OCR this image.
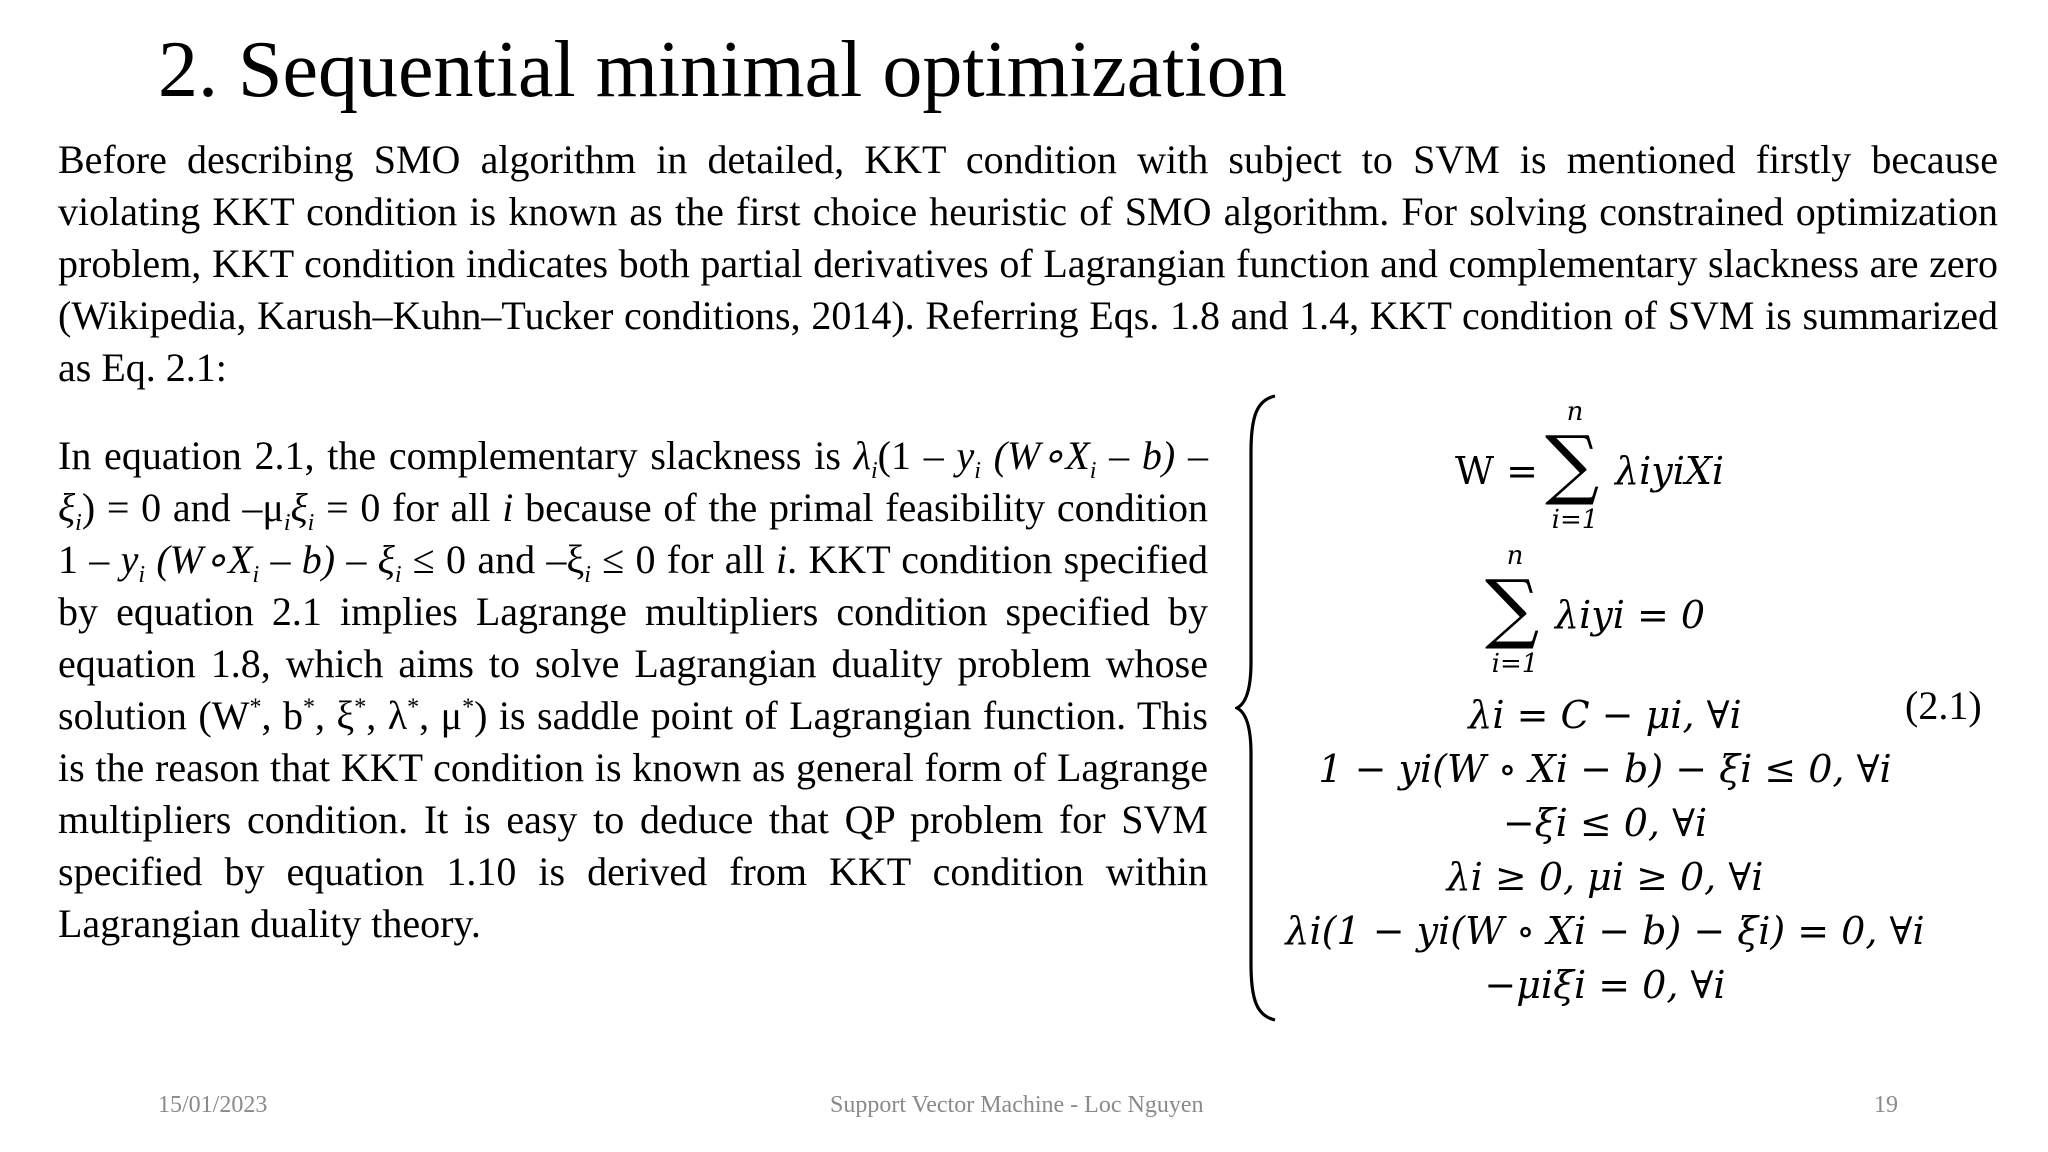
2. Sequential minimal optimization
Before describing SMO algorithm in detailed, KKT condition with subject to SVM is mentioned firstly because violating KKT condition is known as the first choice heuristic of SMO algorithm. For solving constrained optimization problem, KKT condition indicates both partial derivatives of Lagrangian function and complementary slackness are zero (Wikipedia, Karush–Kuhn–Tucker conditions, 2014). Referring Eqs. 1.8 and 1.4, KKT condition of SVM is summarized as Eq. 2.1:
In equation 2.1, the complementary slackness is $\lambda_i(1 - y_i$ $(W\circ X_i - b) - \xi_i) = 0$ and $-\mu_i\xi_i = 0$ for all i because of the primal feasibility condition $1 - y_i$ $(W\circ X_i - b) - \xi_i \le 0$ and $-\xi_i \le 0$ for all i. KKT condition specified by equation 2.1 implies Lagrange multipliers condition specified by equation 1.8, which aims to solve Lagrangian duality problem whose solution (W*, b*, ξ*, λ*, μ*) is saddle point of Lagrangian function. This is the reason that KKT condition is known as general form of Lagrange multipliers condition. It is easy to deduce that QP problem for SVM specified by equation 1.10 is derived from KKT condition within Lagrangian duality theory.
W =
n
∑
i=1
λiyiXi
n
∑
i=1
λiyi = 0
λi = C − μi, ∀i
1 − yi(W ∘ Xi − b) − ξi ≤ 0, ∀i
−ξi ≤ 0, ∀i
λi ≥ 0, μi ≥ 0, ∀i
λi(1 − yi(W ∘ Xi − b) − ξi) = 0, ∀i
−μiξi = 0, ∀i
(2.1)
15/01/2023	Support Vector Machine - Loc Nguyen	19
